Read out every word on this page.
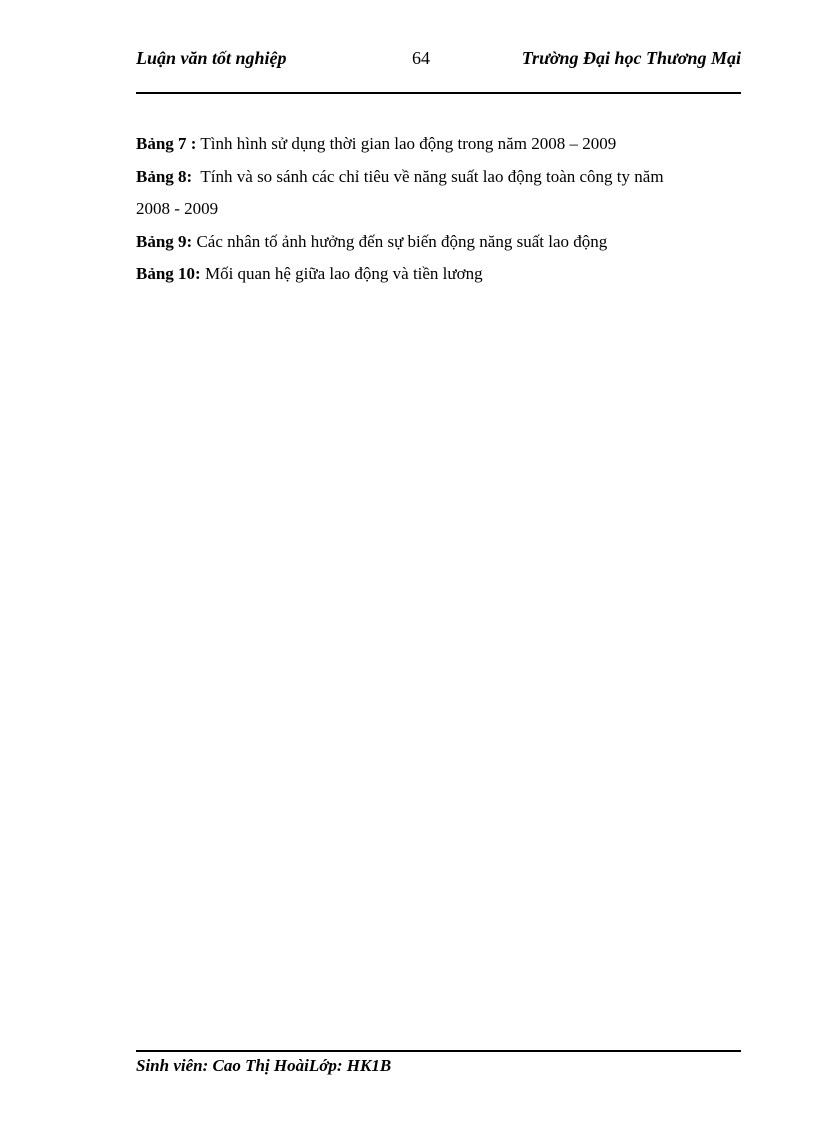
Luận văn tốt nghiệp	64	Trường Đại học Thương Mại
Bảng 7 : Tình hình sử dụng thời gian lao động trong năm 2008 – 2009
Bảng 8:  Tính và so sánh các chỉ tiêu về năng suất lao động toàn công ty năm
2008 - 2009
Bảng 9: Các nhân tố ảnh hưởng đến sự biến động năng suất lao động
Bảng 10: Mối quan hệ giữa lao động và tiền lương
Sinh viên: Cao Thị HoàiLớp: HK1B
